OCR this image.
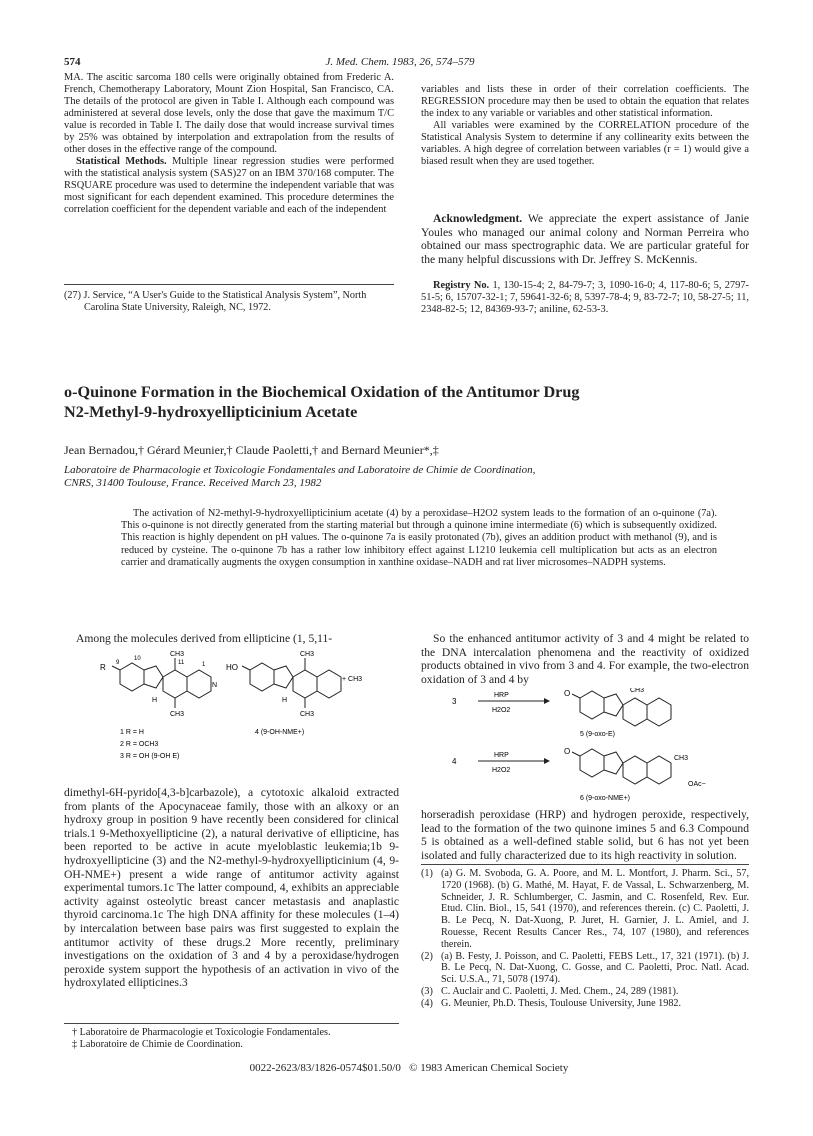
574	J. Med. Chem. 1983, 26, 574–579

MA. The ascitic sarcoma 180 cells were originally obtained from Frederic A. French, Chemotherapy Laboratory, Mount Zion Hospital, San Francisco, CA. The details of the protocol are given in Table I. Although each compound was administered at several dose levels, only the dose that gave the maximum T/C value is recorded in Table I. The daily dose that would increase survival times by 25% was obtained by interpolation and extrapolation from the results of other doses in the effective range of the compound.

Statistical Methods. Multiple linear regression studies were performed with the statistical analysis system (SAS)27 on an IBM 370/168 computer. The RSQUARE procedure was used to determine the independent variable that was most significant for each dependent examined. This procedure determines the correlation coefficient for the dependent variable and each of the independent

variables and lists these in order of their correlation coefficients. The REGRESSION procedure may then be used to obtain the equation that relates the index to any variable or variables and other statistical information.

All variables were examined by the CORRELATION procedure of the Statistical Analysis System to determine if any collinearity exits between the variables. A high degree of correlation between variables (r = 1) would give a biased result when they are used together.

Acknowledgment. We appreciate the expert assistance of Janie Youles who managed our animal colony and Norman Perreira who obtained our mass spectrographic data. We are particular grateful for the many helpful discussions with Dr. Jeffrey S. McKennis.

Registry No. 1, 130-15-4; 2, 84-79-7; 3, 1090-16-0; 4, 117-80-6; 5, 2797-51-5; 6, 15707-32-1; 7, 59641-32-6; 8, 5397-78-4; 9, 83-72-7; 10, 58-27-5; 11, 2348-82-5; 12, 84369-93-7; aniline, 62-53-3.

(27) J. Service, “A User's Guide to the Statistical Analysis System”, North Carolina State University, Raleigh, NC, 1972.
o-Quinone Formation in the Biochemical Oxidation of the Antitumor Drug
N2-Methyl-9-hydroxyellipticinium Acetate
Jean Bernadou,† Gérard Meunier,† Claude Paoletti,† and Bernard Meunier*,‡
Laboratoire de Pharmacologie et Toxicologie Fondamentales and Laboratoire de Chimie de Coordination,
CNRS, 31400 Toulouse, France. Received March 23, 1982
The activation of N2-methyl-9-hydroxyellipticinium acetate (4) by a peroxidase–H2O2 system leads to the formation of an o-quinone (7a). This o-quinone is not directly generated from the starting material but through a quinone imine intermediate (6) which is subsequently oxidized. This reaction is highly dependent on pH values. The o-quinone 7a is easily protonated (7b), gives an addition product with methanol (9), and is reduced by cysteine. The o-quinone 7b has a rather low inhibitory effect against L1210 leukemia cell multiplication but acts as an electron carrier and dramatically augments the oxygen consumption in xanthine oxidase–NADH and rat liver microsomes–NADPH systems.
Among the molecules derived from ellipticine (1, 5,11-
R 9
10
11	1
CH3
CH3
N
H
HO
CH3
CH3
+ CH3
H
1 R = H
2 R = OCH3
3 R = OH (9-OH E)
4 (9-OH-NME+)
dimethyl-6H-pyrido[4,3-b]carbazole), a cytotoxic alkaloid extracted from plants of the Apocynaceae family, those with an alkoxy or an hydroxy group in position 9 have recently been considered for clinical trials.1 9-Methoxyellipticine (2), a natural derivative of ellipticine, has been reported to be active in acute myeloblastic leukemia;1b 9-hydroxyellipticine (3) and the N2-methyl-9-hydroxyellipticinium (4, 9-OH-NME+) present a wide range of antitumor activity against experimental tumors.1c The latter compound, 4, exhibits an appreciable activity against osteolytic breast cancer metastasis and anaplastic thyroid carcinoma.1c The high DNA affinity for these molecules (1–4) by intercalation between base pairs was first suggested to explain the antitumor activity of these drugs.2 More recently, preliminary investigations on the oxidation of 3 and 4 by a peroxidase/hydrogen peroxide system support the hypothesis of an activation in vivo of the hydroxylated ellipticines.3
† Laboratoire de Pharmacologie et Toxicologie Fondamentales.
‡ Laboratoire de Chimie de Coordination.
So the enhanced antitumor activity of 3 and 4 might be related to the DNA intercalation phenomena and the reactivity of oxidized products obtained in vivo from 3 and 4. For example, the two-electron oxidation of 3 and 4 by
3
HRP
H2O2
O	CH3
5 (9-oxo-E)
4
HRP
H2O2
O
CH3
OAc−
6 (9-oxo-NME+)
horseradish peroxidase (HRP) and hydrogen peroxide, respectively, lead to the formation of the two quinone imines 5 and 6.3 Compound 5 is obtained as a well-defined stable solid, but 6 has not yet been isolated and fully characterized due to its high reactivity in solution.
(1) (a) G. M. Svoboda, G. A. Poore, and M. L. Montfort, J. Pharm. Sci., 57, 1720 (1968). (b) G. Mathé, M. Hayat, F. de Vassal, L. Schwarzenberg, M. Schneider, J. R. Schlumberger, C. Jasmin, and C. Rosenfeld, Rev. Eur. Etud. Clin. Biol., 15, 541 (1970), and references therein. (c) C. Paoletti, J. B. Le Pecq, N. Dat-Xuong, P. Juret, H. Garnier, J. L. Amiel, and J. Rouesse, Recent Results Cancer Res., 74, 107 (1980), and references therein.
(2) (a) B. Festy, J. Poisson, and C. Paoletti, FEBS Lett., 17, 321 (1971). (b) J. B. Le Pecq, N. Dat-Xuong, C. Gosse, and C. Paoletti, Proc. Natl. Acad. Sci. U.S.A., 71, 5078 (1974).
(3) C. Auclair and C. Paoletti, J. Med. Chem., 24, 289 (1981).
(4) G. Meunier, Ph.D. Thesis, Toulouse University, June 1982.
0022-2623/83/1826-0574$01.50/0   © 1983 American Chemical Society
